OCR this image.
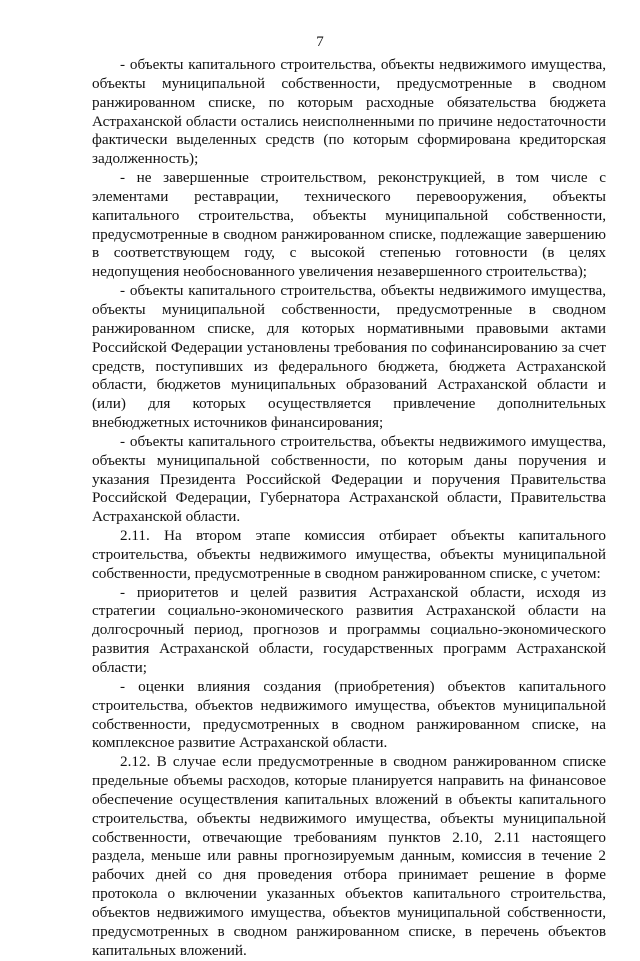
7

- объекты капитального строительства, объекты недвижимого имущества, объекты муниципальной собственности, предусмотренные в сводном ранжированном списке, по которым расходные обязательства бюджета Астраханской области остались неисполненными по причине недостаточности фактически выделенных средств (по которым сформирована кредиторская задолженность);

- не завершенные строительством, реконструкцией, в том числе с элементами реставрации, технического перевооружения, объекты капитального строительства, объекты муниципальной собственности, предусмотренные в сводном ранжированном списке, подлежащие завершению в соответствующем году, с высокой степенью готовности (в целях недопущения необоснованного увеличения незавершенного строительства);

- объекты капитального строительства, объекты недвижимого имущества, объекты муниципальной собственности, предусмотренные в сводном ранжированном списке, для которых нормативными правовыми актами Российской Федерации установлены требования по софинансированию за счет средств, поступивших из федерального бюджета, бюджета Астраханской области, бюджетов муниципальных образований Астраханской области и (или) для которых осуществляется привлечение дополнительных внебюджетных источников финансирования;

- объекты капитального строительства, объекты недвижимого имущества, объекты муниципальной собственности, по которым даны поручения и указания Президента Российской Федерации и поручения Правительства Российской Федерации, Губернатора Астраханской области, Правительства Астраханской области.

2.11. На втором этапе комиссия отбирает объекты капитального строительства, объекты недвижимого имущества, объекты муниципальной собственности, предусмотренные в сводном ранжированном списке, с учетом:

- приоритетов и целей развития Астраханской области, исходя из стратегии социально-экономического развития Астраханской области на долгосрочный период, прогнозов и программы социально-экономического развития Астраханской области, государственных программ Астраханской области;

- оценки влияния создания (приобретения) объектов капитального строительства, объектов недвижимого имущества, объектов муниципальной собственности, предусмотренных в сводном ранжированном списке, на комплексное развитие Астраханской области.

2.12. В случае если предусмотренные в сводном ранжированном списке предельные объемы расходов, которые планируется направить на финансовое обеспечение осуществления капитальных вложений в объекты капитального строительства, объекты недвижимого имущества, объекты муниципальной собственности, отвечающие требованиям пунктов 2.10, 2.11 настоящего раздела, меньше или равны прогнозируемым данным, комиссия в течение 2 рабочих дней со дня проведения отбора принимает решение в форме протокола о включении указанных объектов капитального строительства, объектов недвижимого имущества, объектов муниципальной собственности, предусмотренных в сводном ранжированном списке, в перечень объектов капитальных вложений.
